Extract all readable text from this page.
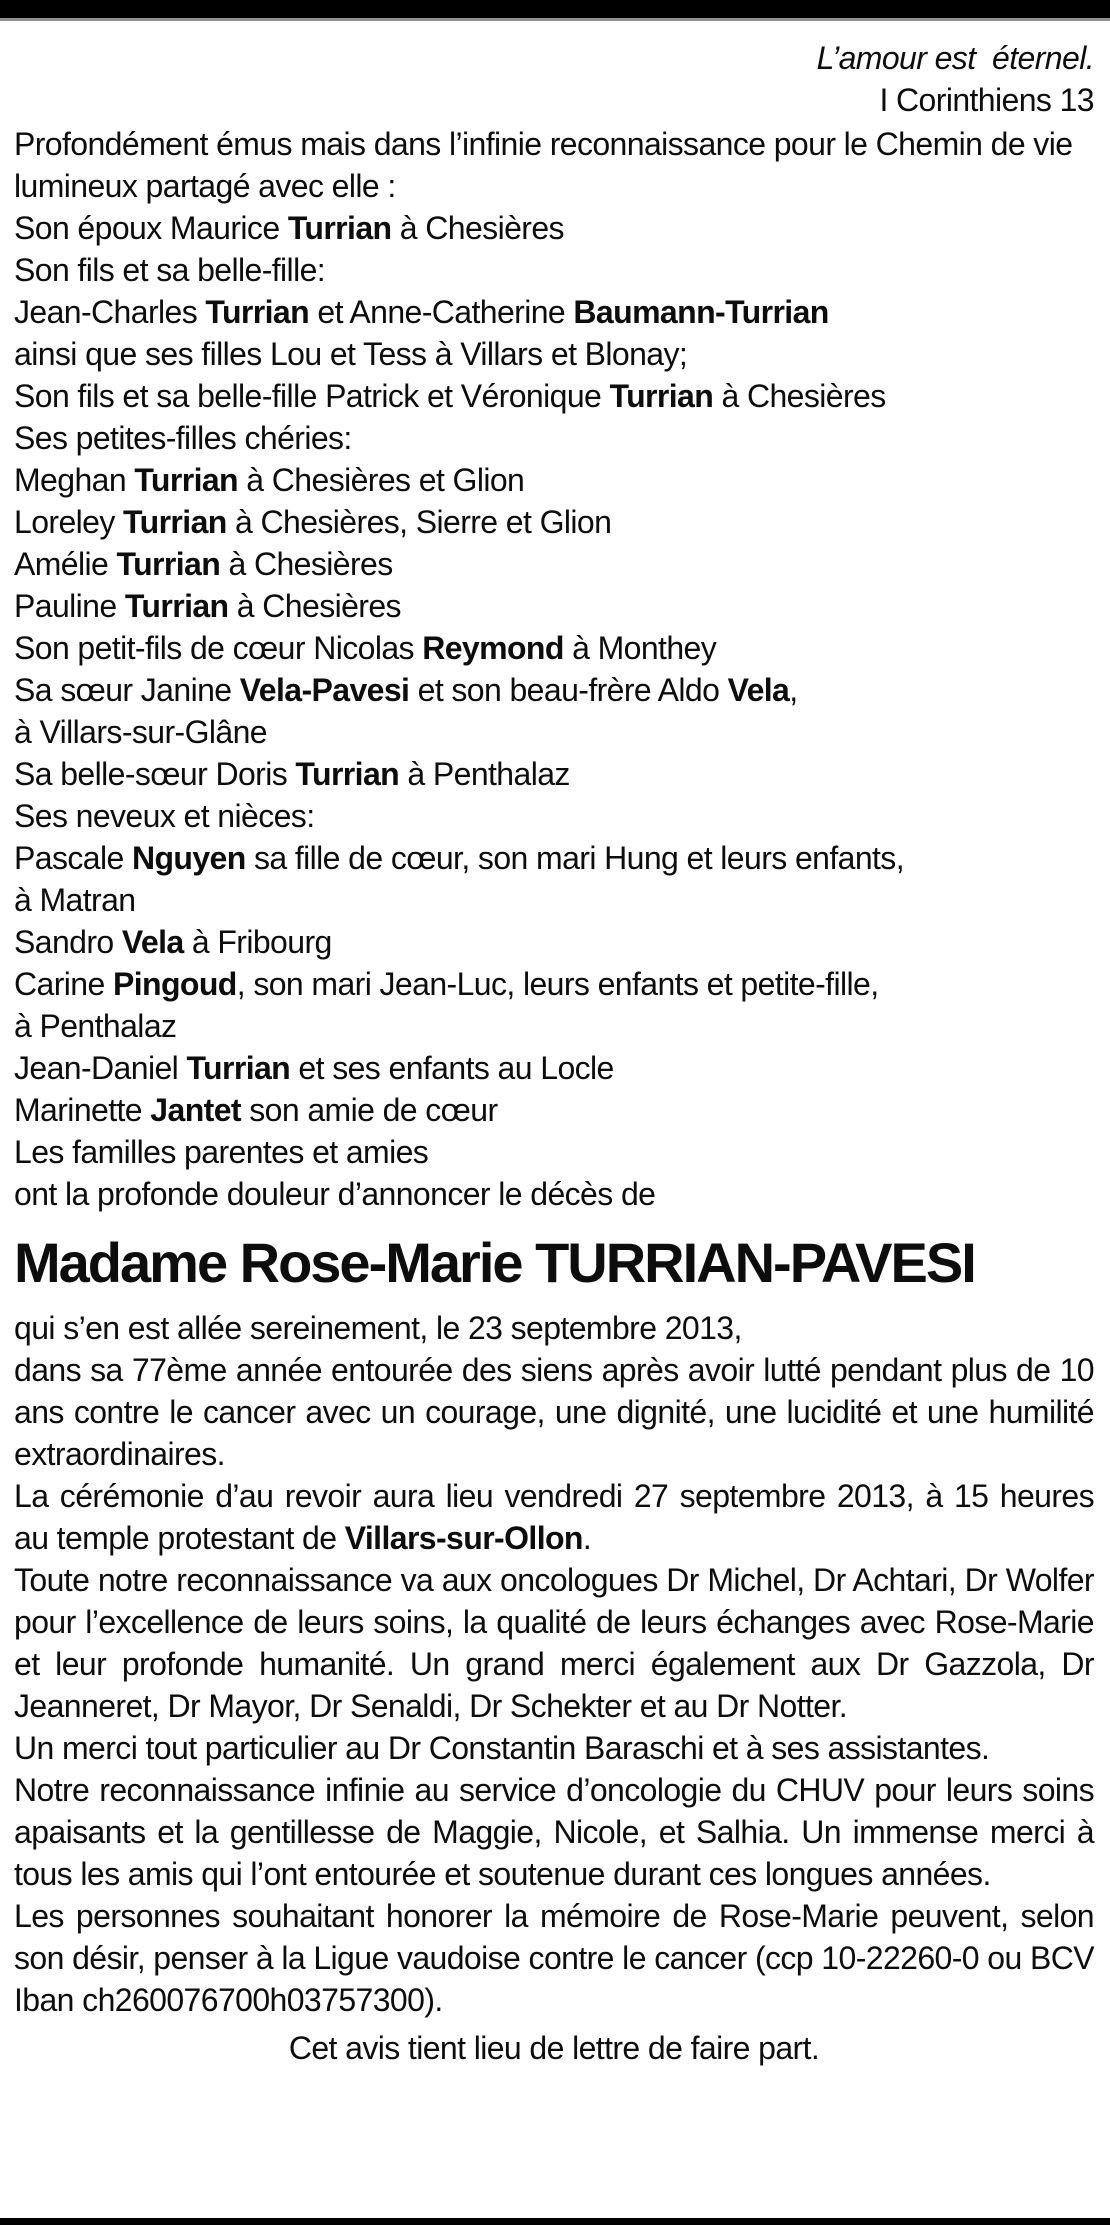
L’amour est  éternel.
I Corinthiens 13
Profondément émus mais dans l’infinie reconnaissance pour le Chemin de vie lumineux partagé avec elle :
Son époux Maurice Turrian à Chesières
Son fils et sa belle-fille:
Jean-Charles Turrian et Anne-Catherine Baumann-Turrian
ainsi que ses filles Lou et Tess à Villars et Blonay;
Son fils et sa belle-fille Patrick et Véronique Turrian à Chesières
Ses petites-filles chéries:
Meghan Turrian à Chesières et Glion
Loreley Turrian à Chesières, Sierre et Glion
Amélie Turrian à Chesières
Pauline Turrian à Chesières
Son petit-fils de cœur Nicolas Reymond à Monthey
Sa sœur Janine Vela-Pavesi et son beau-frère Aldo Vela,
à Villars-sur-Glâne
Sa belle-sœur Doris Turrian à Penthalaz
Ses neveux et nièces:
Pascale Nguyen sa fille de cœur, son mari Hung et leurs enfants,
à Matran
Sandro Vela à Fribourg
Carine Pingoud, son mari Jean-Luc, leurs enfants et petite-fille,
à Penthalaz
Jean-Daniel Turrian et ses enfants au Locle
Marinette Jantet son amie de cœur
Les familles parentes et amies
ont la profonde douleur d’annoncer le décès de
Madame Rose-Marie TURRIAN-PAVESI
qui s’en est allée sereinement, le 23 septembre 2013,
dans sa 77ème année entourée des siens après avoir lutté pendant plus de 10 ans contre le cancer avec un courage, une dignité, une lucidité et une humilité extraordinaires.
La cérémonie d’au revoir aura lieu vendredi 27 septembre 2013, à 15 heures au temple protestant de Villars-sur-Ollon.
Toute notre reconnaissance va aux oncologues Dr Michel, Dr Achtari, Dr Wolfer pour l’excellence de leurs soins, la qualité de leurs échanges avec Rose-Marie et leur profonde humanité. Un grand merci également aux Dr Gazzola, Dr Jeanneret, Dr Mayor, Dr Senaldi, Dr Schekter et au Dr Notter.
Un merci tout particulier au Dr Constantin Baraschi et à ses assistantes.
Notre reconnaissance infinie au service d’oncologie du CHUV pour leurs soins apaisants et la gentillesse de Maggie, Nicole, et Salhia. Un immense merci à tous les amis qui l’ont entourée et soutenue durant ces longues années.
Les personnes souhaitant honorer la mémoire de Rose-Marie peuvent, selon son désir, penser à la Ligue vaudoise contre le cancer (ccp 10-22260-0 ou BCV Iban ch260076700h03757300).
Cet avis tient lieu de lettre de faire part.
